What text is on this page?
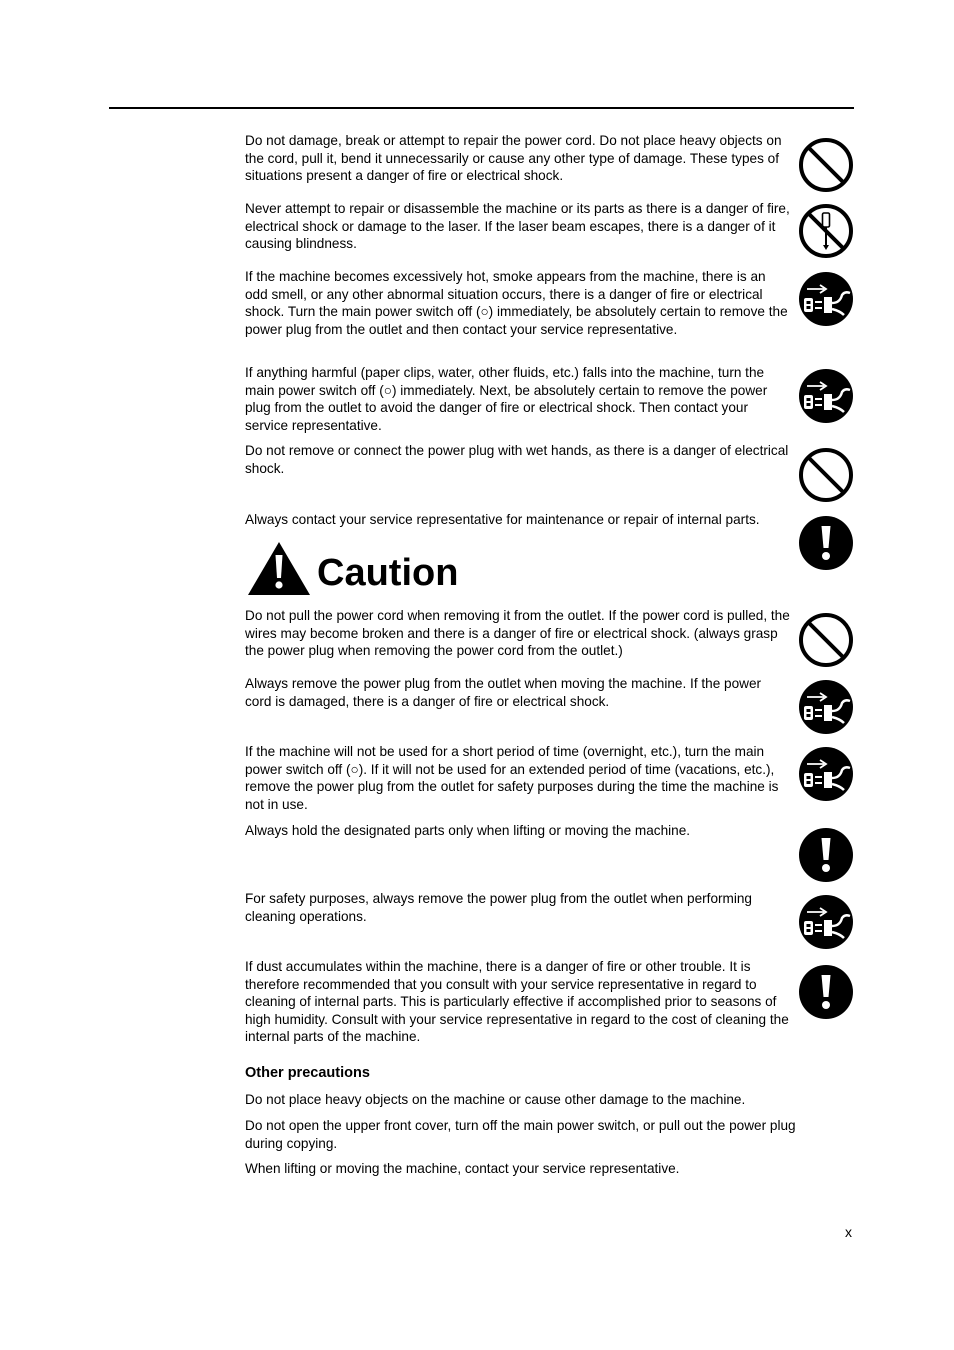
Do not damage, break or attempt to repair the power cord. Do not place heavy objects on the cord, pull it, bend it unnecessarily or cause any other type of damage. These types of situations present a danger of fire or electrical shock.

Never attempt to repair or disassemble the machine or its parts as there is a danger of fire, electrical shock or damage to the laser. If the laser beam escapes, there is a danger of it causing blindness.

If the machine becomes excessively hot, smoke appears from the machine, there is an odd smell, or any other abnormal situation occurs, there is a danger of fire or electrical shock. Turn the main power switch off (○) immediately, be absolutely certain to remove the power plug from the outlet and then contact your service representative.

If anything harmful (paper clips, water, other fluids, etc.) falls into the machine, turn the main power switch off (○) immediately. Next, be absolutely certain to remove the power plug from the outlet to avoid the danger of fire or electrical shock. Then contact your service representative.

Do not remove or connect the power plug with wet hands, as there is a danger of electrical shock.

Always contact your service representative for maintenance or repair of internal parts.

Caution

Do not pull the power cord when removing it from the outlet. If the power cord is pulled, the wires may become broken and there is a danger of fire or electrical shock. (always grasp the power plug when removing the power cord from the outlet.)

Always remove the power plug from the outlet when moving the machine. If the power cord is damaged, there is a danger of fire or electrical shock.

If the machine will not be used for a short period of time (overnight, etc.), turn the main power switch off (○). If it will not be used for an extended period of time (vacations, etc.), remove the power plug from the outlet for safety purposes during the time the machine is not in use.

Always hold the designated parts only when lifting or moving the machine.

For safety purposes, always remove the power plug from the outlet when performing cleaning operations.

If dust accumulates within the machine, there is a danger of fire or other trouble. It is therefore recommended that you consult with your service representative in regard to cleaning of internal parts. This is particularly effective if accomplished prior to seasons of high humidity. Consult with your service representative in regard to the cost of cleaning the internal parts of the machine.

Other precautions

Do not place heavy objects on the machine or cause other damage to the machine.

Do not open the upper front cover, turn off the main power switch, or pull out the power plug during copying.

When lifting or moving the machine, contact your service representative.

x
